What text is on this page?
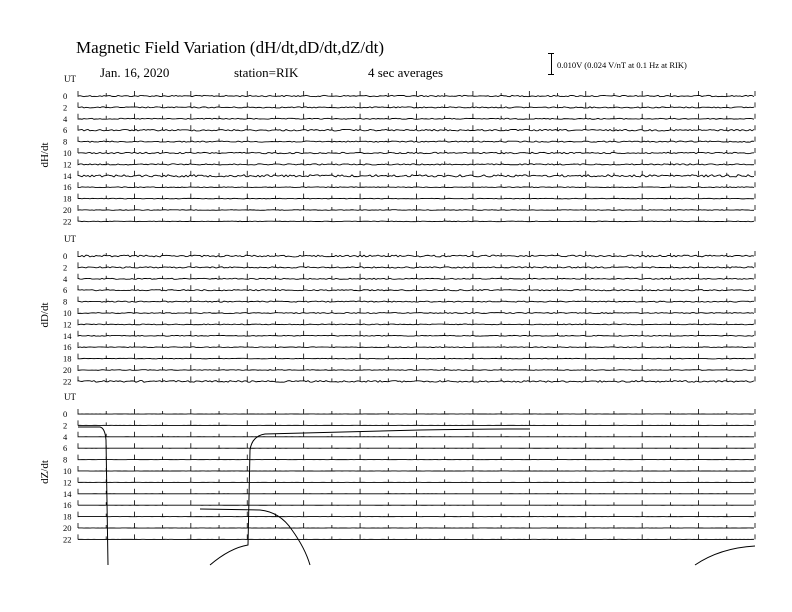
UT
dH/dt
0
2
4
6
8
10
12
14
16
18
20
22
UT
dD/dt
0
2
4
6
8
10
12
14
16
18
20
22
UT
dZ/dt
0
2
4
6
8
10
12
14
16
18
20
22
Magnetic Field Variation (dH/dt,dD/dt,dZ/dt)
Jan. 16, 2020	station=RIK	4 sec averages	0.010V (0.024 V/nT at 0.1 Hz at RIK)
